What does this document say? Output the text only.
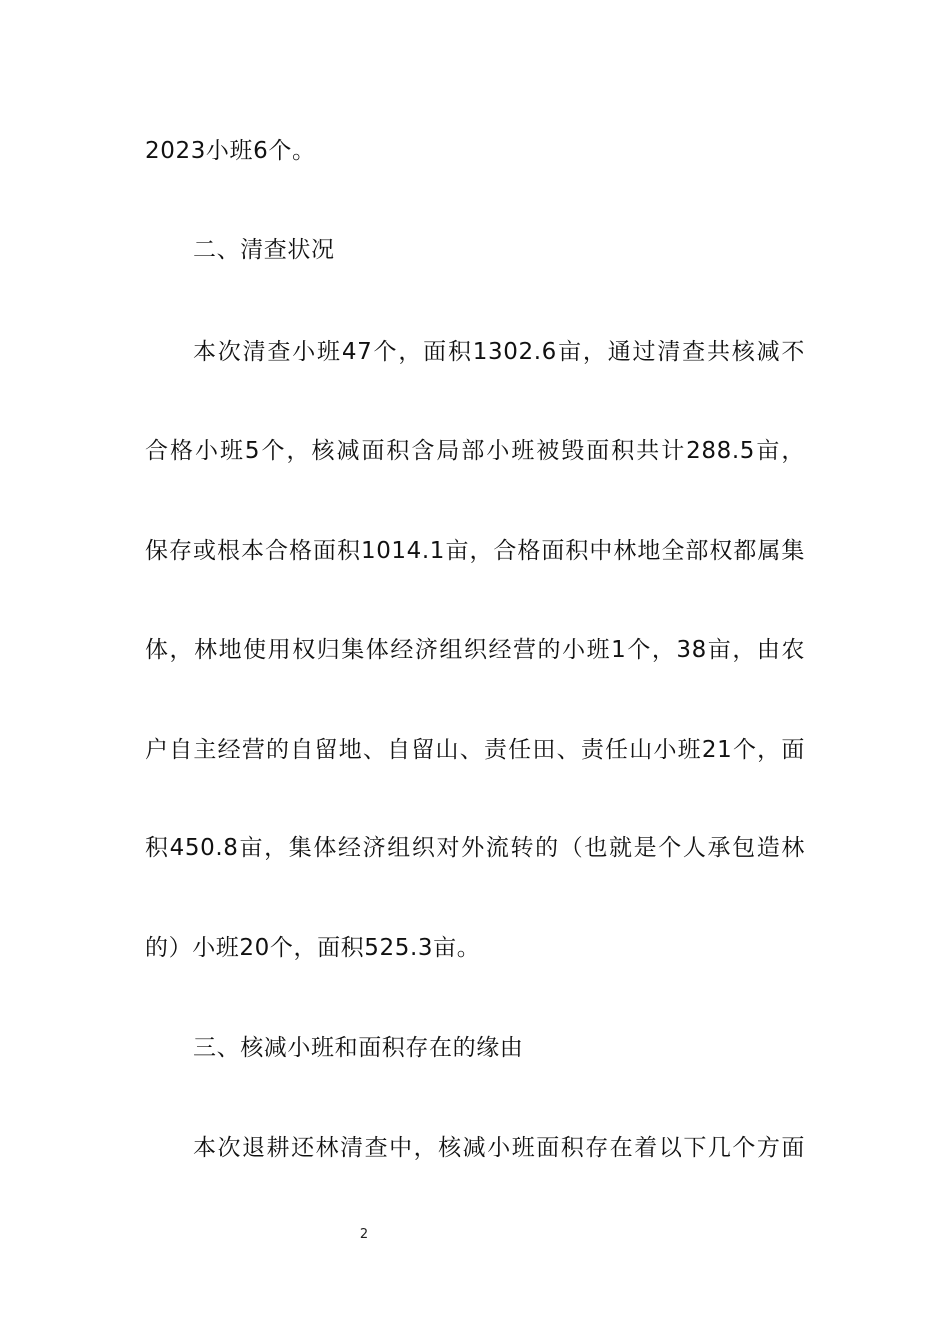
2023小班6个。
二、清查状况
本次清查小班47个，面积1302.6亩，通过清查共核减不
合格小班5个，核减面积含局部小班被毁面积共计288.5亩，
保存或根本合格面积1014.1亩，合格面积中林地全部权都属集
体，林地使用权归集体经济组织经营的小班1个，38亩，由农
户自主经营的自留地、自留山、责任田、责任山小班21个，面
积450.8亩，集体经济组织对外流转的（也就是个人承包造林
的）小班20个，面积525.3亩。
三、核减小班和面积存在的缘由
本次退耕还林清查中，核减小班面积存在着以下几个方面
2
